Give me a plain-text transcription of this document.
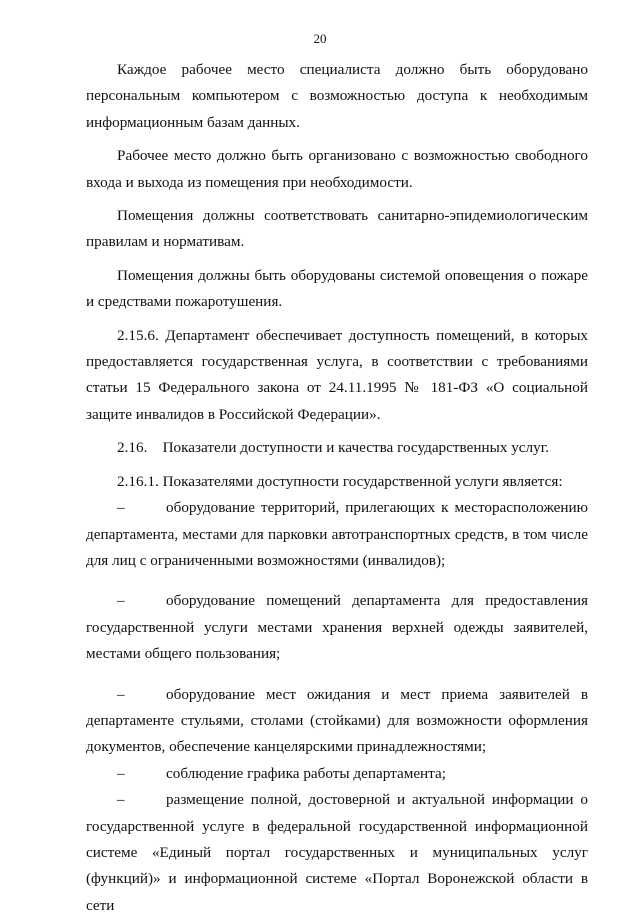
20

Каждое рабочее место специалиста должно быть оборудовано персональным компьютером с возможностью доступа к необходимым информационным базам данных.

Рабочее место должно быть организовано с возможностью свободного входа и выхода из помещения при необходимости.

Помещения должны соответствовать санитарно-эпидемиологическим правилам и нормативам.

Помещения должны быть оборудованы системой оповещения о пожаре и средствами пожаротушения.

2.15.6. Департамент обеспечивает доступность помещений, в которых предоставляется государственная услуга, в соответствии с требованиями статьи 15 Федерального закона от 24.11.1995 № 181-ФЗ «О социальной защите инвалидов в Российской Федерации».

2.16.    Показатели доступности и качества государственных услуг.

2.16.1. Показателями доступности государственной услуги является:

–	оборудование территорий, прилегающих к месторасположению департамента, местами для парковки автотранспортных средств, в том числе для лиц с ограниченными возможностями (инвалидов);

–	оборудование помещений департамента для предоставления государственной услуги местами хранения верхней одежды заявителей, местами общего пользования;

–	оборудование мест ожидания и мест приема заявителей в департаменте стульями, столами (стойками) для возможности оформления документов, обеспечение канцелярскими принадлежностями;

–	соблюдение графика работы департамента;

–	размещение полной, достоверной и актуальной информации о государственной услуге в федеральной государственной информационной системе «Единый портал государственных и муниципальных услуг (функций)» и информационной системе «Портал Воронежской области в сети
